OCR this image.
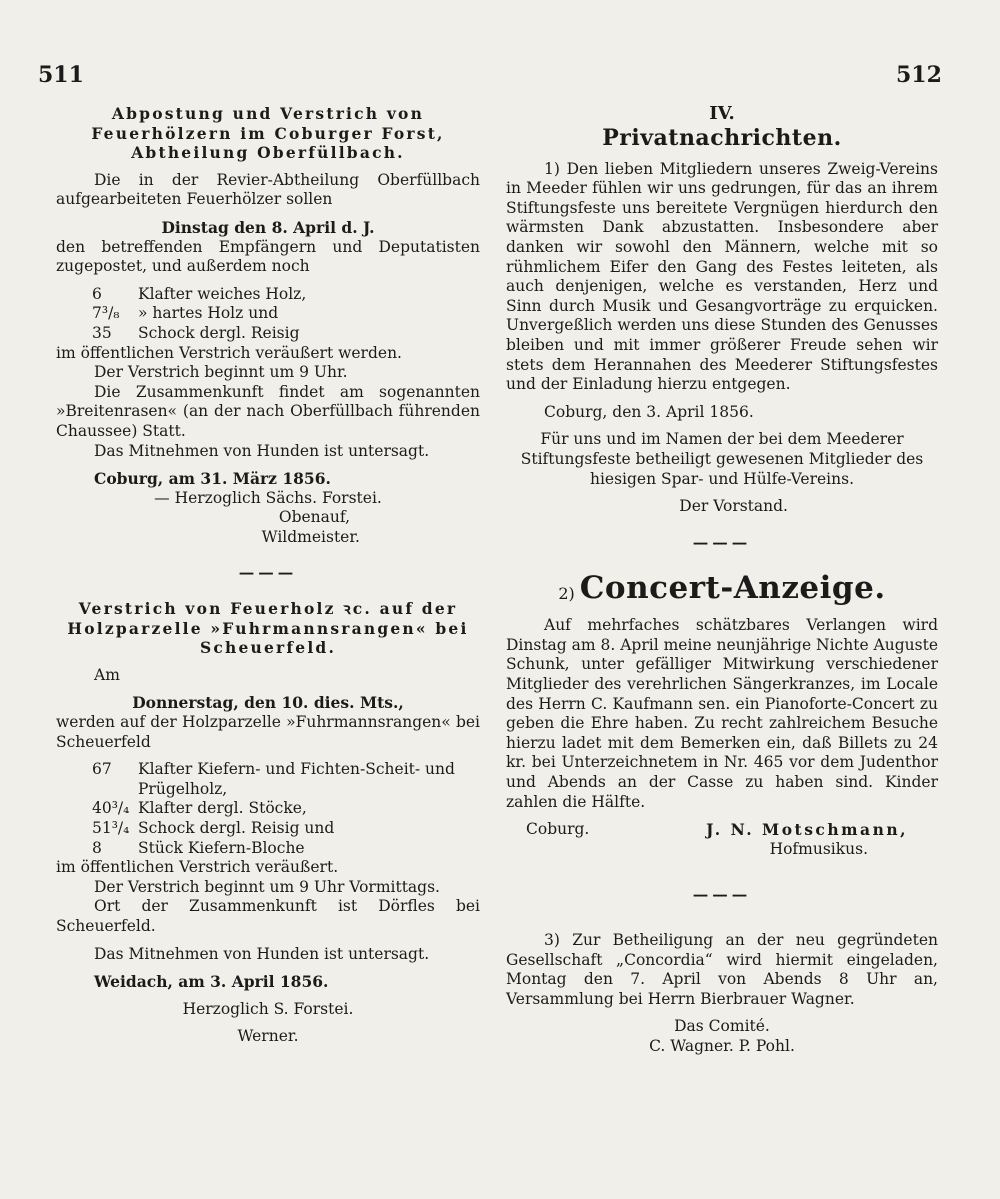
511	512

Abpostung und Verstrich von Feuerhölzern im Coburger Forst, Abtheilung Oberfüllbach.

Die in der Revier-Abtheilung Oberfüllbach aufgearbeiteten Feuerhölzer sollen

Dinstag den 8. April d. J.

den betreffenden Empfängern und Deputatisten zugepostet, und außerdem noch

6	Klafter weiches Holz,
7³/₈	» hartes Holz und
35	Schock dergl. Reisig

im öffentlichen Verstrich veräußert werden.

Der Verstrich beginnt um 9 Uhr.

Die Zusammenkunft findet am sogenannten »Breitenrasen« (an der nach Oberfüllbach führenden Chaussee) Statt.

Das Mitnehmen von Hunden ist untersagt.

Coburg, am 31. März 1856.

— Herzoglich Sächs. Forstei.

Obenauf,

Wildmeister.

———

Verstrich von Feuerholz ꝛc. auf der Holzparzelle »Fuhrmannsrangen« bei Scheuerfeld.

Am

Donnerstag, den 10. dies. Mts.,

werden auf der Holzparzelle »Fuhrmannsrangen« bei Scheuerfeld

67	Klafter Kiefern- und Fichten-Scheit- und Prügelholz,
40³/₄ Klafter dergl. Stöcke,
51³/₄ Schock dergl. Reisig und
8	Stück Kiefern-Bloche

im öffentlichen Verstrich veräußert.

Der Verstrich beginnt um 9 Uhr Vormittags.

Ort der Zusammenkunft ist Dörfles bei Scheuerfeld.

Das Mitnehmen von Hunden ist untersagt.

Weidach, am 3. April 1856.

Herzoglich S. Forstei.

Werner.

IV.

Privatnachrichten.

1) Den lieben Mitgliedern unseres Zweig-Vereins in Meeder fühlen wir uns gedrungen, für das an ihrem Stiftungsfeste uns bereitete Vergnügen hierdurch den wärmsten Dank abzustatten. Insbesondere aber danken wir sowohl den Männern, welche mit so rühmlichem Eifer den Gang des Festes leiteten, als auch denjenigen, welche es verstanden, Herz und Sinn durch Musik und Gesangvorträge zu erquicken. Unvergeßlich werden uns diese Stunden des Genusses bleiben und mit immer größerer Freude sehen wir stets dem Herannahen des Meederer Stiftungsfestes und der Einladung hierzu entgegen.

Coburg, den 3. April 1856.

Für uns und im Namen der bei dem Meederer Stiftungsfeste betheiligt gewesenen Mitglieder des hiesigen Spar- und Hülfe-Vereins.

Der Vorstand.

———

2) Concert-Anzeige.

Auf mehrfaches schätzbares Verlangen wird Dinstag am 8. April meine neunjährige Nichte Auguste Schunk, unter gefälliger Mitwirkung verschiedener Mitglieder des verehrlichen Sängerkranzes, im Locale des Herrn C. Kaufmann sen. ein Pianoforte-Concert zu geben die Ehre haben. Zu recht zahlreichem Besuche hierzu ladet mit dem Bemerken ein, daß Billets zu 24 kr. bei Unterzeichnetem in Nr. 465 vor dem Judenthor und Abends an der Casse zu haben sind. Kinder zahlen die Hälfte.

Coburg.	J. N. Motschmann,

Hofmusikus.

———

3) Zur Betheiligung an der neu gegründeten Gesellschaft „Concordia“ wird hiermit eingeladen, Montag den 7. April von Abends 8 Uhr an, Versammlung bei Herrn Bierbrauer Wagner.

Das Comité.

C. Wagner. P. Pohl.
